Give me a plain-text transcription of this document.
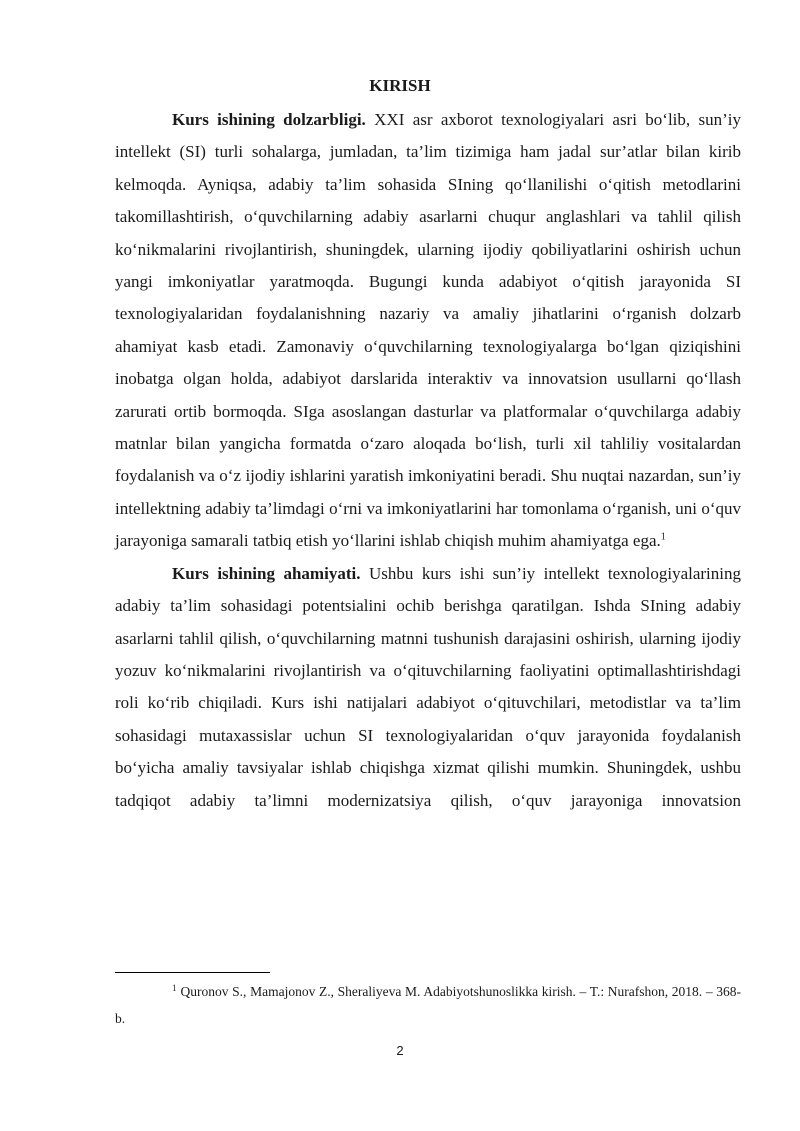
KIRISH

Kurs ishining dolzarbligi. XXI asr axborot texnologiyalari asri bo‘lib, sun’iy intellekt (SI) turli sohalarga, jumladan, ta’lim tizimiga ham jadal sur’atlar bilan kirib kelmoqda. Ayniqsa, adabiy ta’lim sohasida SIning qo‘llanilishi o‘qitish metodlarini takomillashtirish, o‘quvchilarning adabiy asarlarni chuqur anglashlari va tahlil qilish ko‘nikmalarini rivojlantirish, shuningdek, ularning ijodiy qobiliyatlarini oshirish uchun yangi imkoniyatlar yaratmoqda. Bugungi kunda adabiyot o‘qitish jarayonida SI texnologiyalaridan foydalanishning nazariy va amaliy jihatlarini o‘rganish dolzarb ahamiyat kasb etadi. Zamonaviy o‘quvchilarning texnologiyalarga bo‘lgan qiziqishini inobatga olgan holda, adabiyot darslarida interaktiv va innovatsion usullarni qo‘llash zarurati ortib bormoqda. SIga asoslangan dasturlar va platformalar o‘quvchilarga adabiy matnlar bilan yangicha formatda o‘zaro aloqada bo‘lish, turli xil tahliliy vositalardan foydalanish va o‘z ijodiy ishlarini yaratish imkoniyatini beradi. Shu nuqtai nazardan, sun’iy intellektning adabiy ta’limdagi o‘rni va imkoniyatlarini har tomonlama o‘rganish, uni o‘quv jarayoniga samarali tatbiq etish yo‘llarini ishlab chiqish muhim ahamiyatga ega.$^1$

Kurs ishining ahamiyati. Ushbu kurs ishi sun’iy intellekt texnologiyalarining adabiy ta’lim sohasidagi potentsialini ochib berishga qaratilgan. Ishda SIning adabiy asarlarni tahlil qilish, o‘quvchilarning matnni tushunish darajasini oshirish, ularning ijodiy yozuv ko‘nikmalarini rivojlantirish va o‘qituvchilarning faoliyatini optimallashtirishdagi roli ko‘rib chiqiladi. Kurs ishi natijalari adabiyot o‘qituvchilari, metodistlar va ta’lim sohasidagi mutaxassislar uchun SI texnologiyalaridan o‘quv jarayonida foydalanish bo‘yicha amaliy tavsiyalar ishlab chiqishga xizmat qilishi mumkin. Shuningdek, ushbu tadqiqot adabiy ta’limni modernizatsiya qilish, o‘quv jarayoniga innovatsion

$^1$ Quronov S., Mamajonov Z., Sheraliyeva M. Adabiyotshunoslikka kirish. – T.: Nurafshon, 2018. – 368-b.

2
